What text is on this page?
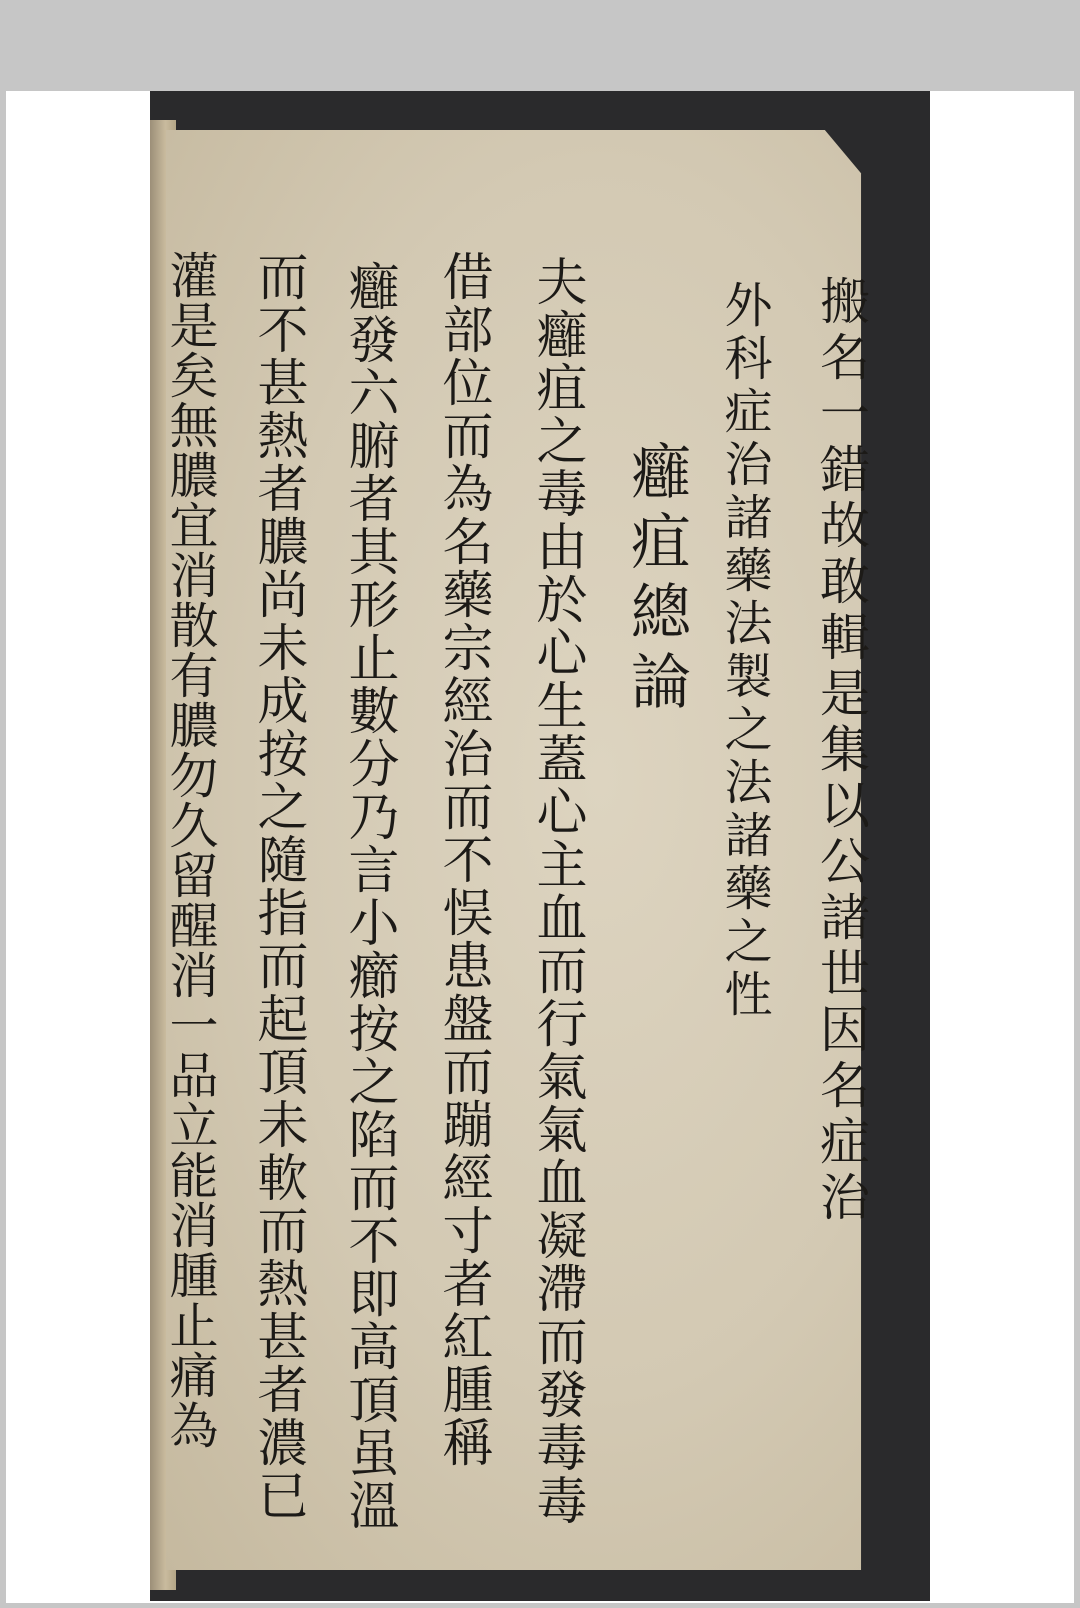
搬名一錯故敢輯是集以公諸世因名症治
外科症治諸藥法製之法諸藥之性
癰疽總論
夫癰疽之毒由於心生蓋心主血而行氣氣血凝滯而發毒毒
借部位而為名藥宗經治而不悮患盤而蹦經寸者紅腫稱
癰發六腑者其形止數分乃言小癤按之陷而不即高頂虽溫
而不甚熱者膿尚未成按之隨指而起頂未軟而熱甚者濃已
灌是矣無膿宜消散有膿勿久留醒消一品立能消腫止痛為
